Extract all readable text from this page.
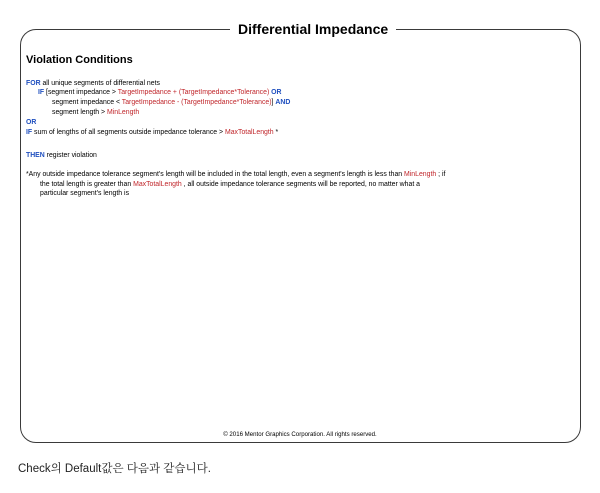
Differential Impedance
Violation Conditions
FOR all unique segments of differential nets
IF [segment impedance > TargetImpedance + (TargetImpedance*Tolerance) OR
segment impedance < TargetImpedance - (TargetImpedance*Tolerance)] AND
segment length > MinLength
OR
IF sum of lengths of all segments outside impedance tolerance > MaxTotalLength *
THEN register violation
*Any outside impedance tolerance segment's length will be included in the total length, even a segment's length is less than MinLength ; if
the total length is greater than MaxTotalLength , all outside impedance tolerance segments will be reported, no matter what a
particular segment's length is
© 2016 Mentor Graphics Corporation. All rights reserved.
Check의 Default값은 다음과 같습니다.
